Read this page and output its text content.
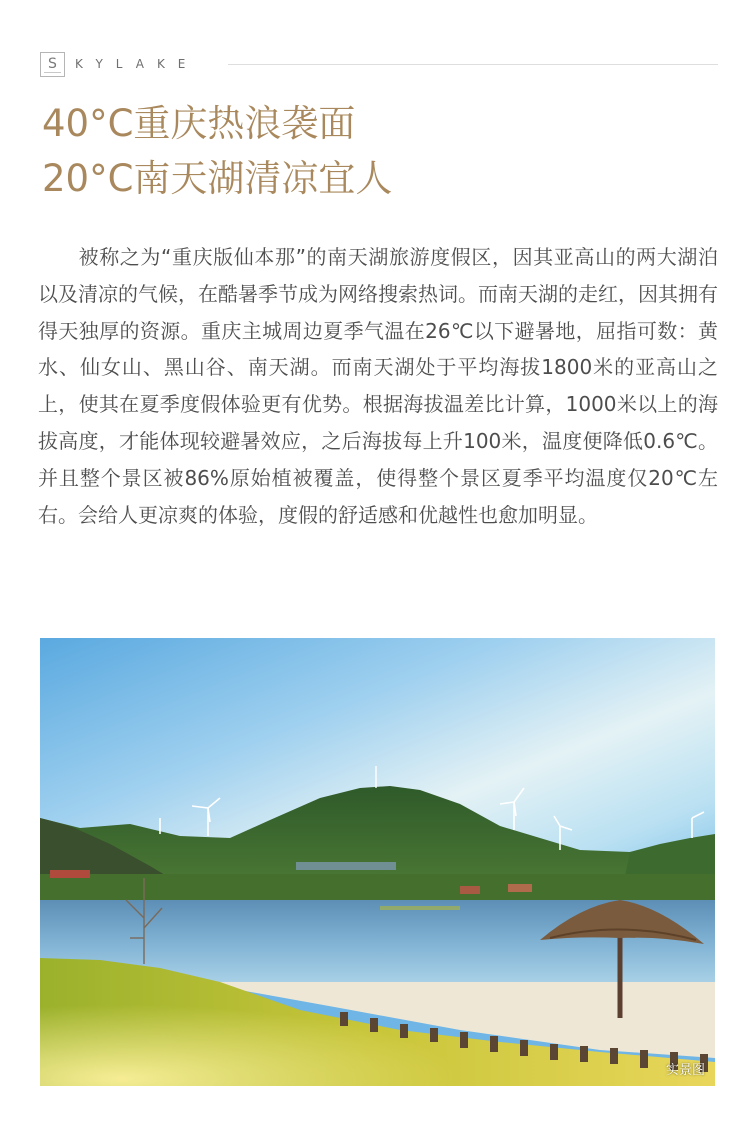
S KYLAKE
40°C重庆热浪袭面
20°C南天湖清凉宜人

被称之为“重庆版仙本那”的南天湖旅游度假区，因其亚高山的两大湖泊以及清凉的气候，在酷暑季节成为网络搜索热词。而南天湖的走红，因其拥有得天独厚的资源。重庆主城周边夏季气温在26℃以下避暑地，屈指可数：黄水、仙女山、黑山谷、南天湖。而南天湖处于平均海拔1800米的亚高山之上，使其在夏季度假体验更有优势。根据海拔温差比计算，1000米以上的海拔高度，才能体现较避暑效应，之后海拔每上升100米，温度便降低0.6℃。并且整个景区被86%原始植被覆盖，使得整个景区夏季平均温度仅20℃左右。会给人更凉爽的体验，度假的舒适感和优越性也愈加明显。

实景图
